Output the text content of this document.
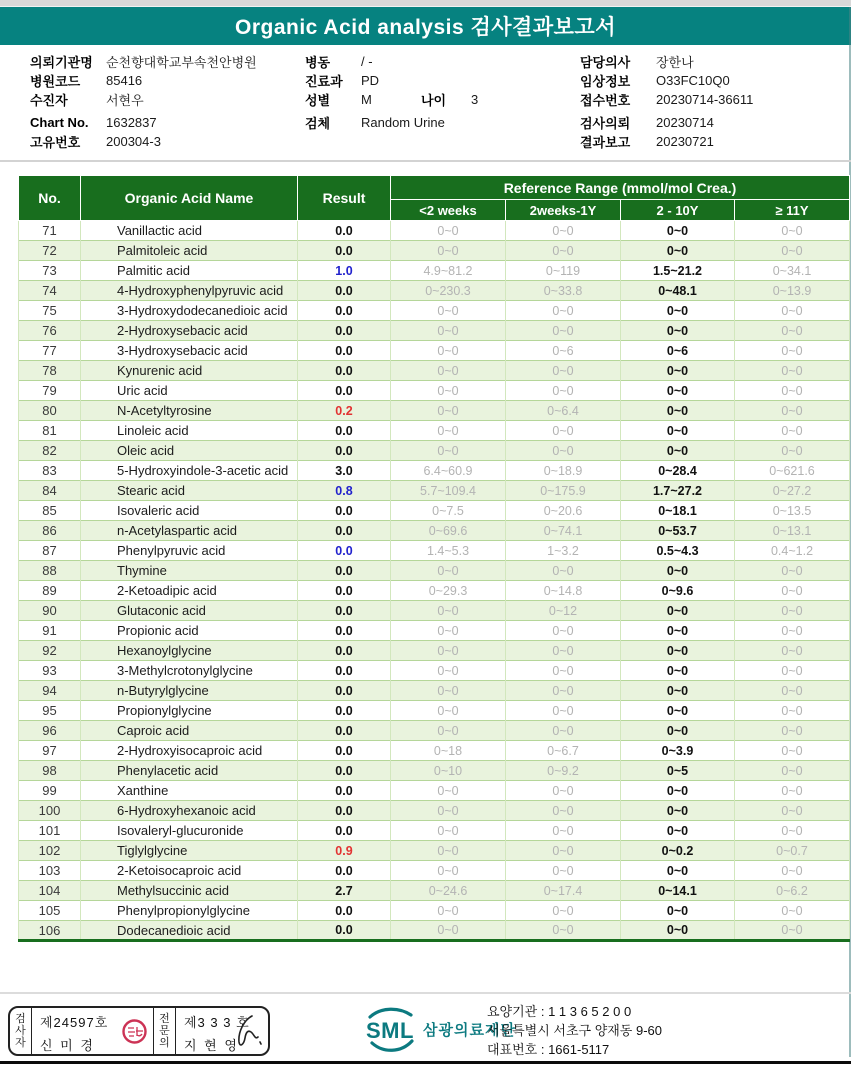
Organic Acid analysis 검사결과보고서
의뢰기관명	순천향대학교부속천안병원
병원코드	85416
수진자	서현우
Chart No.	1632837
고유번호	200304-3
병동	/ -
진료과	PD
성별	M	나이	3
검체	Random Urine
담당의사	장한나
임상정보	O33FC10Q0
접수번호	20230714-36611
검사의뢰	20230714
결과보고	20230721
No.	Organic Acid Name	Result	Reference Range (mmol/mol Crea.)			
			<2 weeks	2weeks-1Y	2 - 10Y	≥ 11Y
71	Vanillactic acid	0.0	0~0	0~0	0~0	0~0
72	Palmitoleic acid	0.0	0~0	0~0	0~0	0~0
73	Palmitic acid	1.0	4.9~81.2	0~119	1.5~21.2	0~34.1
74	4-Hydroxyphenylpyruvic acid	0.0	0~230.3	0~33.8	0~48.1	0~13.9
75	3-Hydroxydodecanedioic acid	0.0	0~0	0~0	0~0	0~0
76	2-Hydroxysebacic acid	0.0	0~0	0~0	0~0	0~0
77	3-Hydroxysebacic acid	0.0	0~0	0~6	0~6	0~0
78	Kynurenic acid	0.0	0~0	0~0	0~0	0~0
79	Uric acid	0.0	0~0	0~0	0~0	0~0
80	N-Acetyltyrosine	0.2	0~0	0~6.4	0~0	0~0
81	Linoleic acid	0.0	0~0	0~0	0~0	0~0
82	Oleic acid	0.0	0~0	0~0	0~0	0~0
83	5-Hydroxyindole-3-acetic acid	3.0	6.4~60.9	0~18.9	0~28.4	0~621.6
84	Stearic acid	0.8	5.7~109.4	0~175.9	1.7~27.2	0~27.2
85	Isovaleric acid	0.0	0~7.5	0~20.6	0~18.1	0~13.5
86	n-Acetylaspartic acid	0.0	0~69.6	0~74.1	0~53.7	0~13.1
87	Phenylpyruvic acid	0.0	1.4~5.3	1~3.2	0.5~4.3	0.4~1.2
88	Thymine	0.0	0~0	0~0	0~0	0~0
89	2-Ketoadipic acid	0.0	0~29.3	0~14.8	0~9.6	0~0
90	Glutaconic acid	0.0	0~0	0~12	0~0	0~0
91	Propionic acid	0.0	0~0	0~0	0~0	0~0
92	Hexanoylglycine	0.0	0~0	0~0	0~0	0~0
93	3-Methylcrotonylglycine	0.0	0~0	0~0	0~0	0~0
94	n-Butyrylglycine	0.0	0~0	0~0	0~0	0~0
95	Propionylglycine	0.0	0~0	0~0	0~0	0~0
96	Caproic acid	0.0	0~0	0~0	0~0	0~0
97	2-Hydroxyisocaproic acid	0.0	0~18	0~6.7	0~3.9	0~0
98	Phenylacetic acid	0.0	0~10	0~9.2	0~5	0~0
99	Xanthine	0.0	0~0	0~0	0~0	0~0
100	6-Hydroxyhexanoic acid	0.0	0~0	0~0	0~0	0~0
101	Isovaleryl-glucuronide	0.0	0~0	0~0	0~0	0~0
102	Tiglylglycine	0.9	0~0	0~0	0~0.2	0~0.7
103	2-Ketoisocaproic acid	0.0	0~0	0~0	0~0	0~0
104	Methylsuccinic acid	2.7	0~24.6	0~17.4	0~14.1	0~6.2
105	Phenylpropionylglycine	0.0	0~0	0~0	0~0	0~0
106	Dodecanedioic acid	0.0	0~0	0~0	0~0	0~0
검사자
제24597호
신 미 경
전문의
제3 3 3 호
지 현 영
SML 삼광의료재단
요양기관 : 1 1 3 6 5 2 0 0
서울특별시 서초구 양재동 9-60
대표번호 : 1661-5117
